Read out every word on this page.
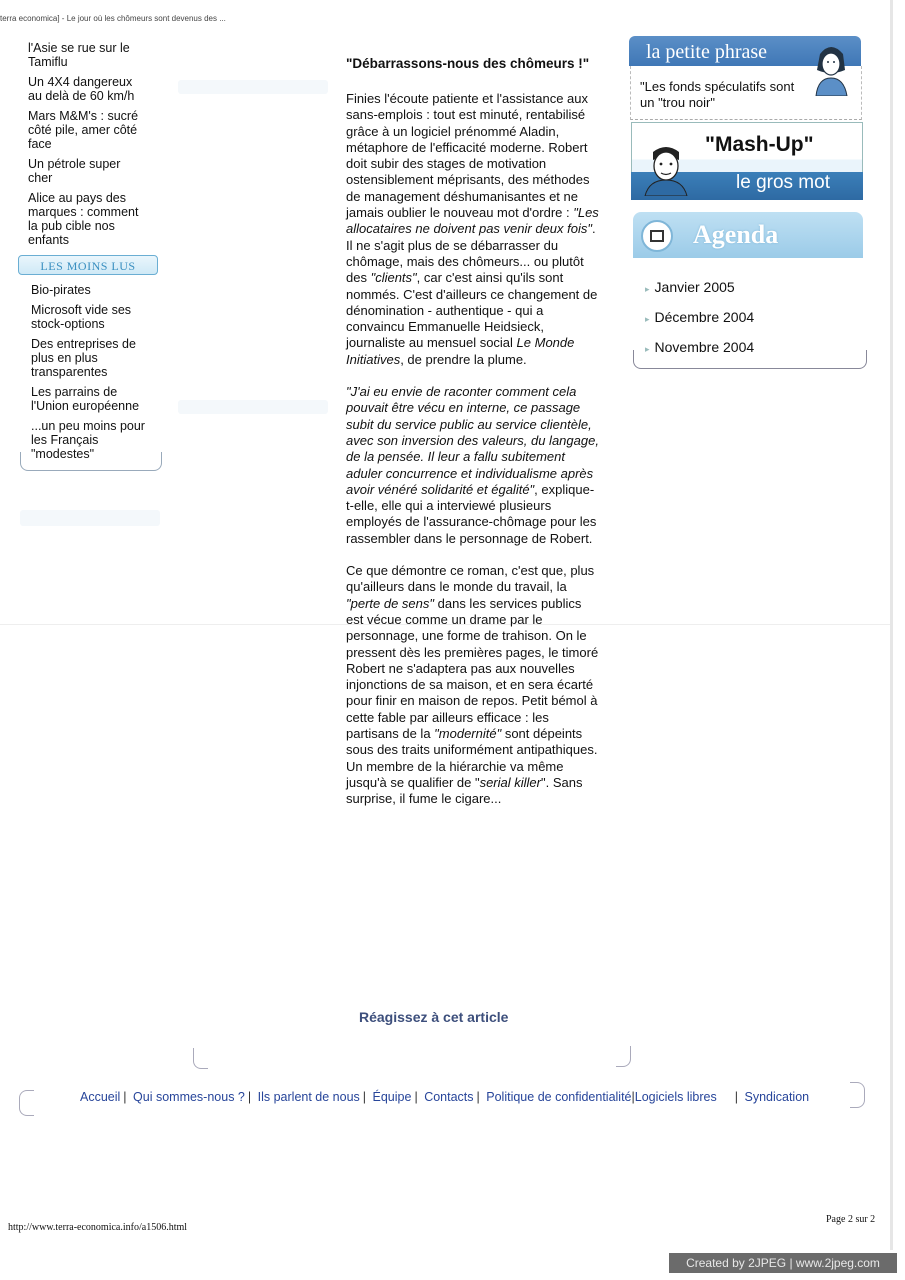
terra economica] - Le jour où les chômeurs sont devenus des ...
l'Asie se rue sur le Tamiflu
Un 4X4 dangereux au delà de 60 km/h
Mars M&M's : sucré côté pile, amer côté face
Un pétrole super cher
Alice au pays des marques : comment la pub cible nos enfants
LES MOINS LUS
Bio-pirates
Microsoft vide ses stock-options
Des entreprises de plus en plus transparentes
Les parrains de l'Union européenne
...un peu moins pour les Français "modestes"
"Débarrassons-nous des chômeurs !"

Finies l'écoute patiente et l'assistance aux sans-emplois : tout est minuté, rentabilisé grâce à un logiciel prénommé Aladin, métaphore de l'efficacité moderne. Robert doit subir des stages de motivation ostensiblement méprisants, des méthodes de management déshumanisantes et ne jamais oublier le nouveau mot d'ordre : "Les allocataires ne doivent pas venir deux fois". Il ne s'agit plus de se débarrasser du chômage, mais des chômeurs... ou plutôt des "clients", car c'est ainsi qu'ils sont nommés. C'est d'ailleurs ce changement de dénomination - authentique - qui a convaincu Emmanuelle Heidsieck, journaliste au mensuel social Le Monde Initiatives, de prendre la plume.

"J'ai eu envie de raconter comment cela pouvait être vécu en interne, ce passage subit du service public au service clientèle, avec son inversion des valeurs, du langage, de la pensée. Il leur a fallu subitement aduler concurrence et individualisme après avoir vénéré solidarité et égalité", explique-t-elle, elle qui a interviewé plusieurs employés de l'assurance-chômage pour les rassembler dans le personnage de Robert.

Ce que démontre ce roman, c'est que, plus qu'ailleurs dans le monde du travail, la "perte de sens" dans les services publics est vécue comme un drame par le personnage, une forme de trahison. On le pressent dès les premières pages, le timoré Robert ne s'adaptera pas aux nouvelles injonctions de sa maison, et en sera écarté pour finir en maison de repos. Petit bémol à cette fable par ailleurs efficace : les partisans de la "modernité" sont dépeints sous des traits uniformément antipathiques. Un membre de la hiérarchie va même jusqu'à se qualifier de "serial killer". Sans surprise, il fume le cigare...

Réagissez à cet article
la petite phrase
"Les fonds spéculatifs sont un "trou noir"
"Mash-Up"
le gros mot
Agenda
▸ Janvier 2005
▸ Décembre 2004
▸ Novembre 2004
Accueil | Qui sommes-nous ? | Ils parlent de nous | Équipe | Contacts | Politique de confidentialité|Logiciels libres | Syndication
http://www.terra-economica.info/a1506.html
Page 2 sur 2
Created by 2JPEG | www.2jpeg.com
